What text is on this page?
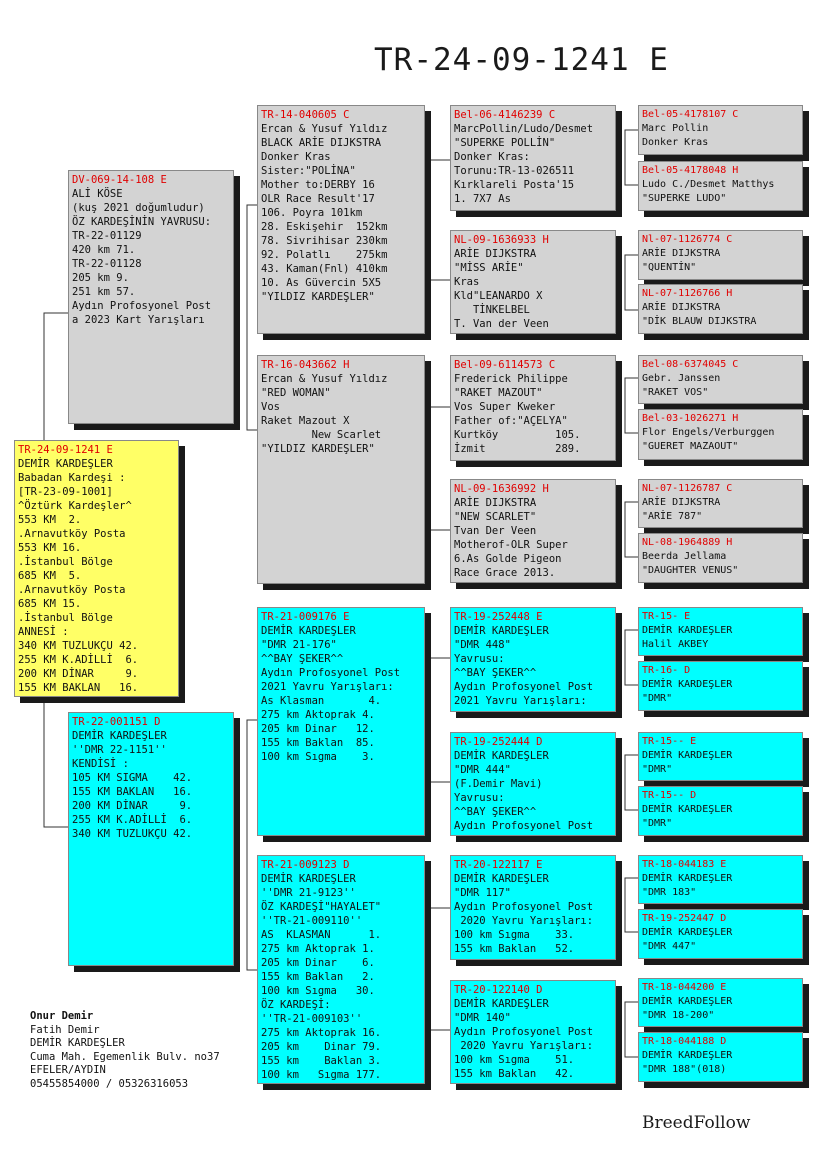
TR-24-09-1241 E
TR-24-09-1241 E
DEMİR KARDEŞLER
Babadan Kardeşi :
[TR-23-09-1001]
^Öztürk Kardeşler^
553 KM  2.
.Arnavutköy Posta
553 KM 16.
.İstanbul Bölge
685 KM  5.
.Arnavutköy Posta
685 KM 15.
.İstanbul Bölge
ANNESİ :
340 KM TUZLUKÇU 42.
255 KM K.ADİLLİ  6.
200 KM DİNAR     9.
155 KM BAKLAN   16.
DV-069-14-108 E
ALİ KÖSE
(kuş 2021 doğumludur)
ÖZ KARDEŞİNİN YAVRUSU:
TR-22-01129
420 km 71.
TR-22-01128
205 km 9.
251 km 57.
Aydın Profosyonel Post
a 2023 Kart Yarışları
TR-22-001151 D
DEMİR KARDEŞLER
''DMR 22-1151''
KENDİSİ :
105 KM SIGMA    42.
155 KM BAKLAN   16.
200 KM DİNAR     9.
255 KM K.ADİLLİ  6.
340 KM TUZLUKÇU 42.
TR-14-040605 C
Ercan & Yusuf Yıldız
BLACK ARİE DIJKSTRA
Donker Kras
Sister:"POLİNA"
Mother to:DERBY 16
OLR Race Result'17
106. Poyra 101km
28. Eskişehir  152km
78. Sivrihisar 230km
92. Polatlı    275km
43. Kaman(Fnl) 410km
10. As Güvercin 5X5
"YILDIZ KARDEŞLER"
TR-16-043662 H
Ercan & Yusuf Yıldız
"RED WOMAN"
Vos
Raket Mazout X
New Scarlet
"YILDIZ KARDEŞLER"
TR-21-009176 E
DEMİR KARDEŞLER
"DMR 21-176"
^^BAY ŞEKER^^
Aydın Profosyonel Post
2021 Yavru Yarışları:
As Klasman       4.
275 km Aktoprak 4.
205 km Dinar   12.
155 km Baklan  85.
100 km Sıgma    3.
TR-21-009123 D
DEMİR KARDEŞLER
''DMR 21-9123''
ÖZ KARDEŞİ"HAYALET"
''TR-21-009110''
AS  KLASMAN      1.
275 km Aktoprak 1.
205 km Dinar    6.
155 km Baklan   2.
100 km Sıgma   30.
ÖZ KARDEŞİ:
''TR-21-009103''
275 km Aktoprak 16.
205 km    Dinar 79.
155 km    Baklan 3.
100 km   Sıgma 177.
Bel-06-4146239 C
MarcPollin/Ludo/Desmet
"SUPERKE POLLİN"
Donker Kras:
Torunu:TR-13-026511
Kırklareli Posta'15
1. 7X7 As
NL-09-1636933 H
ARİE DIJKSTRA
"MİSS ARİE"
Kras
Kld"LEANARDO X
TİNKELBEL
T. Van der Veen
Bel-09-6114573 C
Frederick Philippe
"RAKET MAZOUT"
Vos Super Kweker
Father of:"AÇELYA"
Kurtköy         105.
İzmit           289.
NL-09-1636992 H
ARİE DIJKSTRA
"NEW SCARLET"
Tvan Der Veen
Motherof-OLR Super
6.As Golde Pigeon
Race Grace 2013.
TR-19-252448 E
DEMİR KARDEŞLER
"DMR 448"
Yavrusu:
^^BAY ŞEKER^^
Aydın Profosyonel Post
2021 Yavru Yarışları:
TR-19-252444 D
DEMİR KARDEŞLER
"DMR 444"
(F.Demir Mavi)
Yavrusu:
^^BAY ŞEKER^^
Aydın Profosyonel Post
TR-20-122117 E
DEMİR KARDEŞLER
"DMR 117"
Aydın Profosyonel Post
2020 Yavru Yarışları:
100 km Sıgma    33.
155 km Baklan   52.
TR-20-122140 D
DEMİR KARDEŞLER
"DMR 140"
Aydın Profosyonel Post
2020 Yavru Yarışları:
100 km Sıgma    51.
155 km Baklan   42.
Bel-05-4178107 C
Marc Pollin
Donker Kras
Bel-05-4178048 H
Ludo C./Desmet Matthys
"SUPERKE LUDO"
Nl-07-1126774 C
ARİE DIJKSTRA
"QUENTİN"
NL-07-1126766 H
ARİE DIJKSTRA
"DİK BLAUW DIJKSTRA
Bel-08-6374045 C
Gebr. Janssen
"RAKET VOS"
Bel-03-1026271 H
Flor Engels/Verburggen
"GUERET MAZAOUT"
NL-07-1126787 C
ARİE DIJKSTRA
"ARİE 787"
NL-08-1964889 H
Beerda Jellama
"DAUGHTER VENUS"
TR-15- E
DEMİR KARDEŞLER
Halil AKBEY
TR-16- D
DEMİR KARDEŞLER
"DMR"
TR-15-- E
DEMİR KARDEŞLER
"DMR"
TR-15-- D
DEMİR KARDEŞLER
"DMR"
TR-18-044183 E
DEMİR KARDEŞLER
"DMR 183"
TR-19-252447 D
DEMİR KARDEŞLER
"DMR 447"
TR-18-044200 E
DEMİR KARDEŞLER
"DMR 18-200"
TR-18-044188 D
DEMİR KARDEŞLER
"DMR 188"(018)
Onur Demir
Fatih Demir
DEMİR KARDEŞLER
Cuma Mah. Egemenlik Bulv. no37
EFELER/AYDIN
05455854000 / 05326316053
BreedFollow
